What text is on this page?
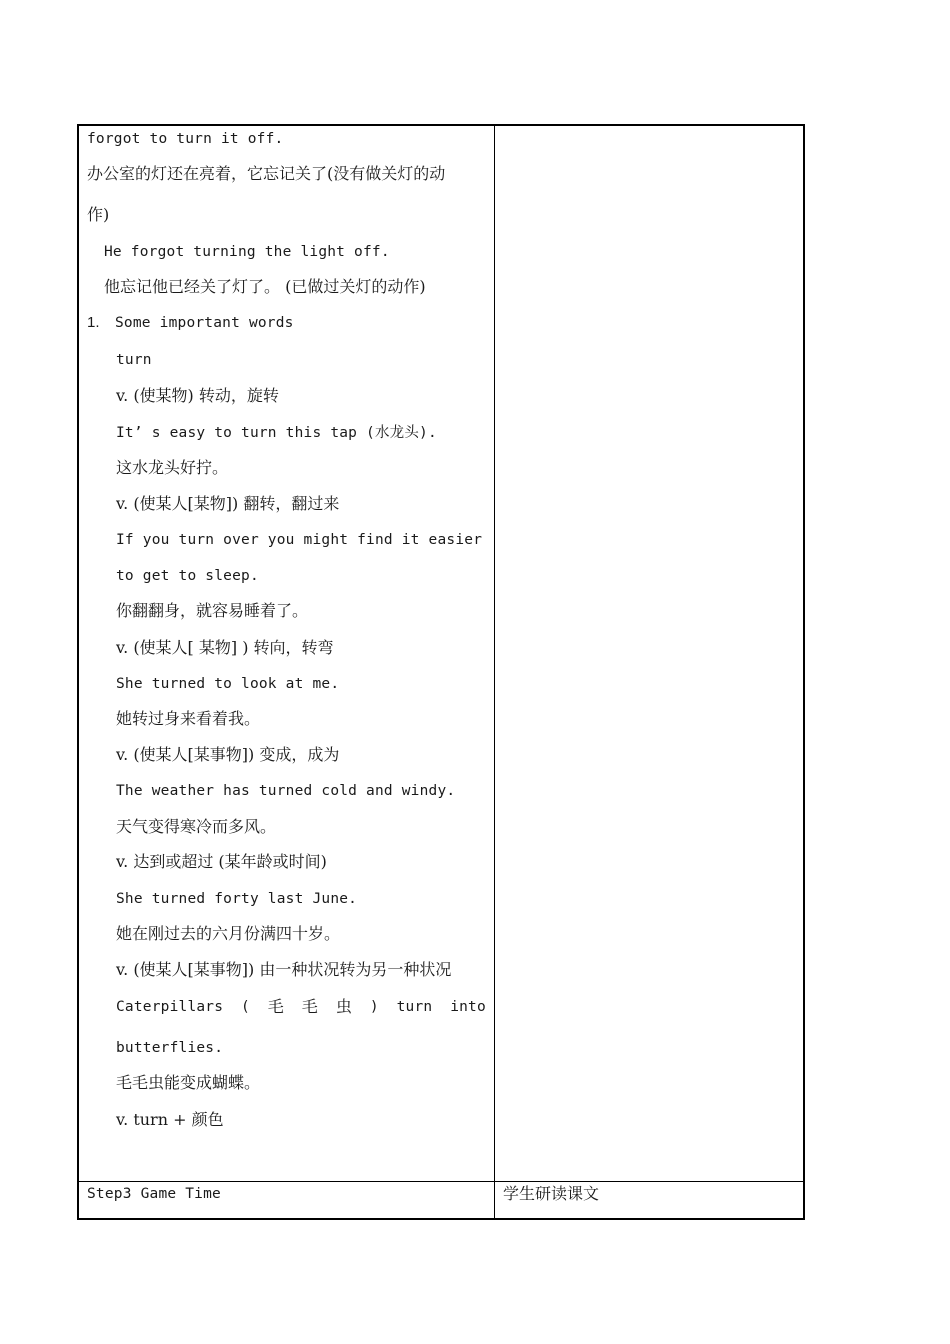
forgot to turn it off.
办公室的灯还在亮着，它忘记关了(没有做关灯的动
作)
He forgot turning the light off.
他忘记他已经关了灯了。 (已做过关灯的动作)
1. Some important words
turn
v. (使某物) 转动，旋转
It’ s easy to turn this tap (水龙头).
这水龙头好拧。
v. (使某人[某物]) 翻转，翻过来
If you turn over you might find it easier
to get to sleep.
你翻翻身，就容易睡着了。
v. (使某人[ 某物] ) 转向，转弯
She turned to look at me.
她转过身来看着我。
v. (使某人[某事物]) 变成，成为
The weather has turned cold and windy.
天气变得寒冷而多风。
v. 达到或超过 (某年龄或时间)
She turned forty last June.
她在刚过去的六月份满四十岁。
v. (使某人[某事物]) 由一种状况转为另一种状况
Caterpillars ( 毛 毛 虫 ) turn into
butterflies.
毛毛虫能变成蝴蝶。
v. turn + 颜色
Step3 Game Time	学生研读课文
